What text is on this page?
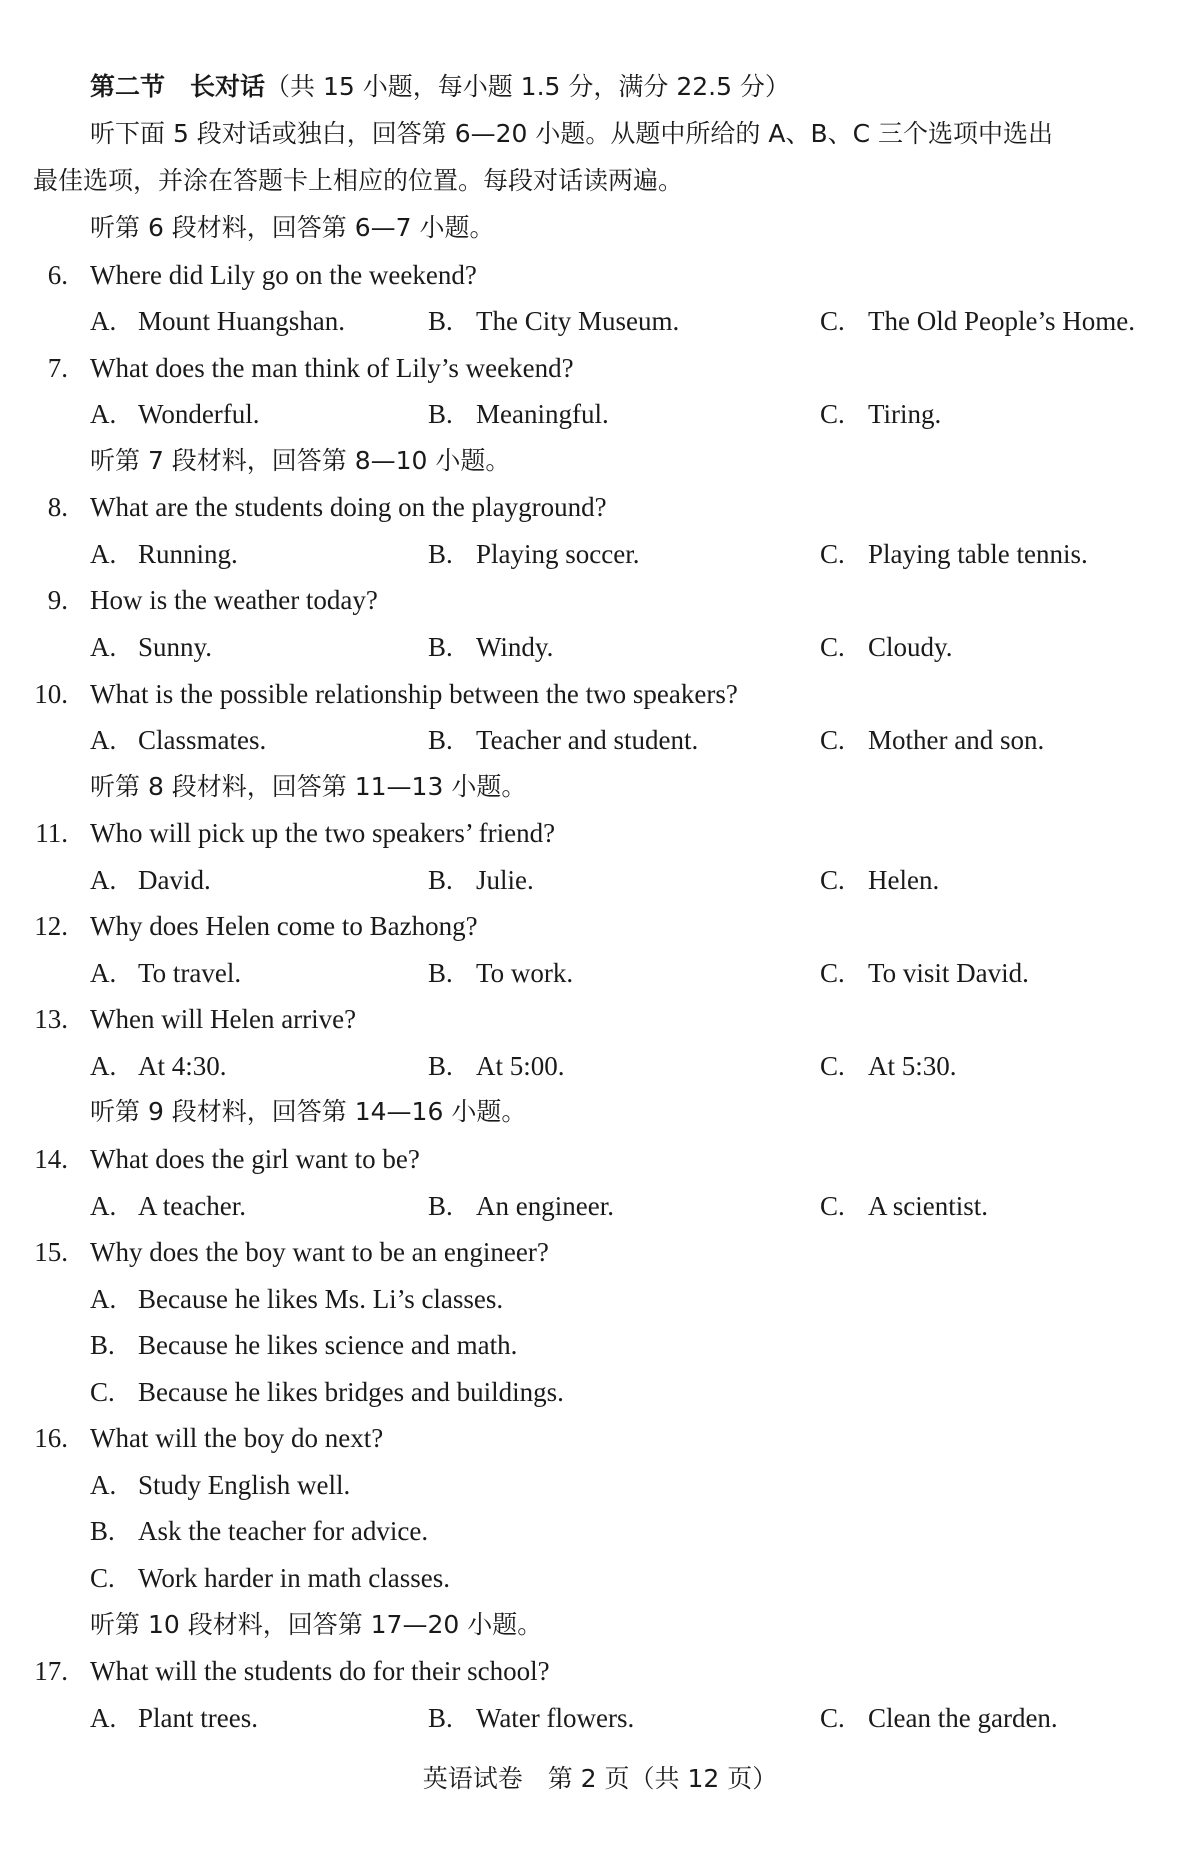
第二节　长对话（共 15 小题，每小题 1.5 分，满分 22.5 分）
听下面 5 段对话或独白，回答第 6—20 小题。从题中所给的 A、B、C 三个选项中选出
最佳选项，并涂在答题卡上相应的位置。每段对话读两遍。
听第 6 段材料，回答第 6—7 小题。
6. Where did Lily go on the weekend?
A. Mount Huangshan.	B. The City Museum.	C. The Old People’s Home.
7. What does the man think of Lily’s weekend?
A. Wonderful.	B. Meaningful.	C. Tiring.
听第 7 段材料，回答第 8—10 小题。
8. What are the students doing on the playground?
A. Running.	B. Playing soccer.	C. Playing table tennis.
9. How is the weather today?
A. Sunny.	B. Windy.	C. Cloudy.
10. What is the possible relationship between the two speakers?
A. Classmates.	B. Teacher and student.	C. Mother and son.
听第 8 段材料，回答第 11—13 小题。
11. Who will pick up the two speakers’ friend?
A. David.	B. Julie.	C. Helen.
12. Why does Helen come to Bazhong?
A. To travel.	B. To work.	C. To visit David.
13. When will Helen arrive?
A. At 4:30.	B. At 5:00.	C. At 5:30.
听第 9 段材料，回答第 14—16 小题。
14. What does the girl want to be?
A. A teacher.	B. An engineer.	C. A scientist.
15. Why does the boy want to be an engineer?
A. Because he likes Ms. Li’s classes.
B. Because he likes science and math.
C. Because he likes bridges and buildings.
16. What will the boy do next?
A. Study English well.
B. Ask the teacher for advice.
C. Work harder in math classes.
听第 10 段材料，回答第 17—20 小题。
17. What will the students do for their school?
A. Plant trees.	B. Water flowers.	C. Clean the garden.
英语试卷　第 2 页（共 12 页）
